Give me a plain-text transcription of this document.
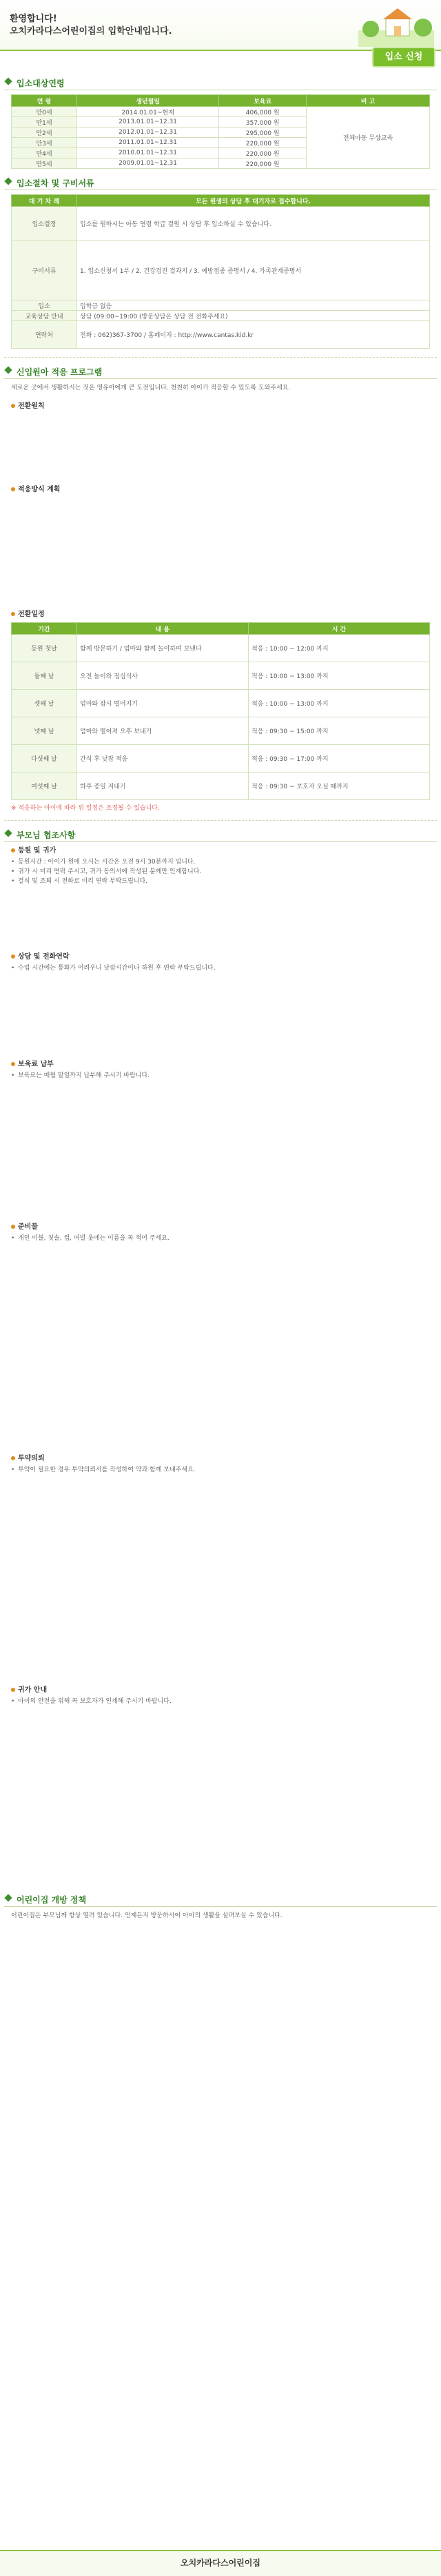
환영합니다!
오치카라다스어린이집의 입학안내입니다.
입소 신청
입소대상연령
연 령	생년월일	보육료	비 고
만0세	2014.01.01~현재	406,000 원	전체아동 무상교육
만1세	2013.01.01~12.31	357,000 원	
만2세	2012.01.01~12.31	295,000 원	
만3세	2011.01.01~12.31	220,000 원	
만4세	2010.01.01~12.31	220,000 원	
만5세	2009.01.01~12.31	220,000 원	
입소절차 및 구비서류
대 기 차 례	모든 원생의 상담 후 대기자로 접수합니다.
입소결정	입소를 원하시는 아동 연령 학급 결원 시 상담 후 입소하실 수 있습니다.
구비서류	1. 입소신청서 1부 / 2. 건강검진 결과지 / 3. 예방접종 증명서 / 4. 가족관계증명서
입소	입학금 없음
교육상담 안내	상담 (09:00~19:00 (방문상담은 상담 전 전화주세요)
연락처	전화 : 062)367-3700 / 홈페이지 : http://www.cantas.kid.kr
신입원아 적응 프로그램
새로운 곳에서 생활하시는 것은 영유아에게 큰 도전입니다. 천천히 아이가 적응할 수 있도록 도와주세요.
전환원칙
적응방식 계획
전환일정
기간	내 용	시 간
등원 첫날	함께 방문하기 / 엄마와 함께 놀이하며 보낸다	적응 : 10:00 ~ 12:00 까지
둘째 날	오전 놀이와 점심식사	적응 : 10:00 ~ 13:00 까지
셋째 날	엄마와 잠시 떨어지기	적응 : 10:00 ~ 13:00 까지
넷째 날	엄마와 떨어져 오후 보내기	적응 : 09:30 ~ 15:00 까지
다섯째 날	간식 후 낮잠 적응	적응 : 09:30 ~ 17:00 까지
여섯째 날	하루 종일 지내기	적응 : 09:30 ~ 보호자 오실 때까지
※ 적응하는 아이에 따라 위 일정은 조정될 수 있습니다.
부모님 협조사항
등원 및 귀가
• 등원시간 : 아이가 원에 오시는 시간은 오전 9시 30분까지 입니다.
• 귀가 시 미리 연락 주시고, 귀가 동의서에 작성된 분께만 인계합니다.
• 결석 및 조퇴 시 전화로 미리 연락 부탁드립니다.
상담 및 전화연락
• 수업 시간에는 통화가 어려우니 낮잠시간이나 하원 후 연락 부탁드립니다.
보육료 납부
• 보육료는 매월 말일까지 납부해 주시기 바랍니다.
준비물
• 개인 이불, 칫솔, 컵, 여벌 옷에는 이름을 꼭 적어 주세요.
투약의뢰
• 투약이 필요한 경우 투약의뢰서를 작성하여 약과 함께 보내주세요.
귀가 안내
• 아이의 안전을 위해 꼭 보호자가 인계해 주시기 바랍니다.
어린이집 개방 정책
어린이집은 부모님께 항상 열려 있습니다. 언제든지 방문하시어 아이의 생활을 살펴보실 수 있습니다.
오치카라다스어린이집
